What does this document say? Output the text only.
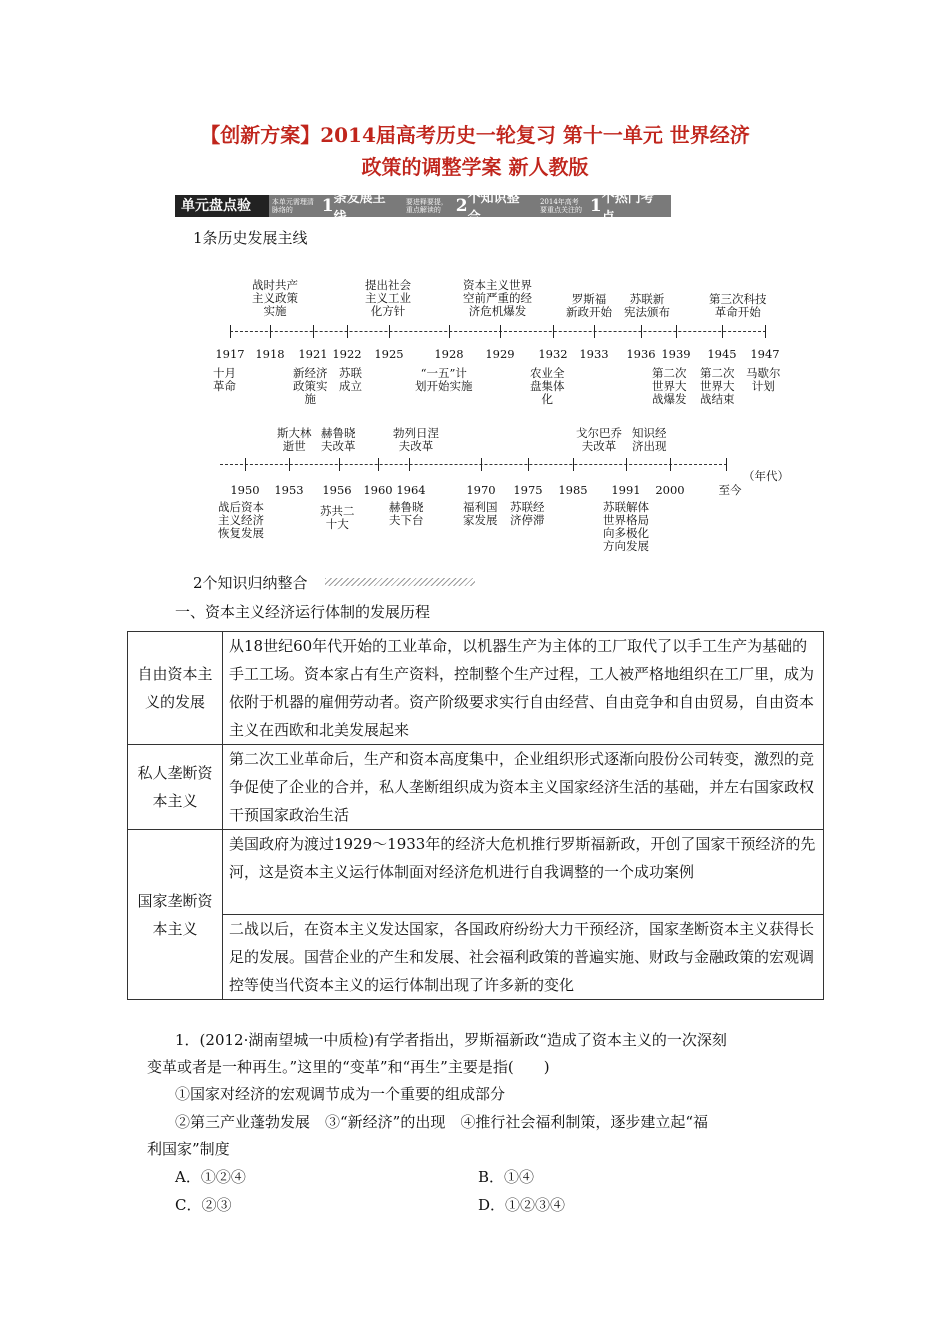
【创新方案】2014届高考历史一轮复习 第十一单元 世界经济
政策的调整学案 新人教版
单元盘点验收
本单元需理清脉络的	1 条发展主线
要进释要提，重点解读的 2 个知识整合
2014年高考要重点关注的 1 个热门考点
1条历史发展主线
1917 1918 1921 1922 1925	1928 1929 1932 1933 1936 1939 1945 1947
战时共产
主义政策
实施
提出社会
主义工业
化方针
资本主义世界
空前严重的经
济危机爆发
罗斯福
新政开始
苏联新
宪法颁布
第三次科技
革命开始
十月
革命
新经济
政策实
施
苏联
成立
“一五”计
划开始实施
农业全
盘集体
化
第二次
世界大
战爆发
第二次
世界大
战结束
马歇尔
计划
1950 1953 1956 1960 1964	1970 1975 1985 1991 2000	至今
（年代）
斯大林
逝世
赫鲁晓
夫改革
勃列日涅
夫改革
戈尔巴乔
夫改革
知识经
济出现
战后资本
主义经济
恢复发展
苏共二
十大
赫鲁晓
夫下台
福利国
家发展
苏联经
济停滞
苏联解体
世界格局
向多极化
方向发展
2个知识归纳整合
一、资本主义经济运行体制的发展历程
自由资本主义的发展	从18世纪60年代开始的工业革命，以机器生产为主体的工厂取代了以手工生产为基础的手工工场。资本家占有生产资料，控制整个生产过程，工人被严格地组织在工厂里，成为依附于机器的雇佣劳动者。资产阶级要求实行自由经营、自由竞争和自由贸易，自由资本主义在西欧和北美发展起来
私人垄断资本主义	第二次工业革命后，生产和资本高度集中，企业组织形式逐渐向股份公司转变，激烈的竞争促使了企业的合并，私人垄断组织成为资本主义国家经济生活的基础，并左右国家政权干预国家政治生活
国家垄断资本主义	美国政府为渡过1929～1933年的经济大危机推行罗斯福新政，开创了国家干预经济的先河，这是资本主义运行体制面对经济危机进行自我调整的一个成功案例
	二战以后，在资本主义发达国家，各国政府纷纷大力干预经济，国家垄断资本主义获得长足的发展。国营企业的产生和发展、社会福利政策的普遍实施、财政与金融政策的宏观调控等使当代资本主义的运行体制出现了许多新的变化
1．(2012·湖南望城一中质检)有学者指出，罗斯福新政“造成了资本主义的一次深刻
变革或者是一种再生。”这里的“变革”和“再生”主要是指(　　)
①国家对经济的宏观调节成为一个重要的组成部分
②第三产业蓬勃发展　③“新经济”的出现　④推行社会福利制策，逐步建立起“福
利国家”制度
A．①②④	B．①④
C．②③	D．①②③④
